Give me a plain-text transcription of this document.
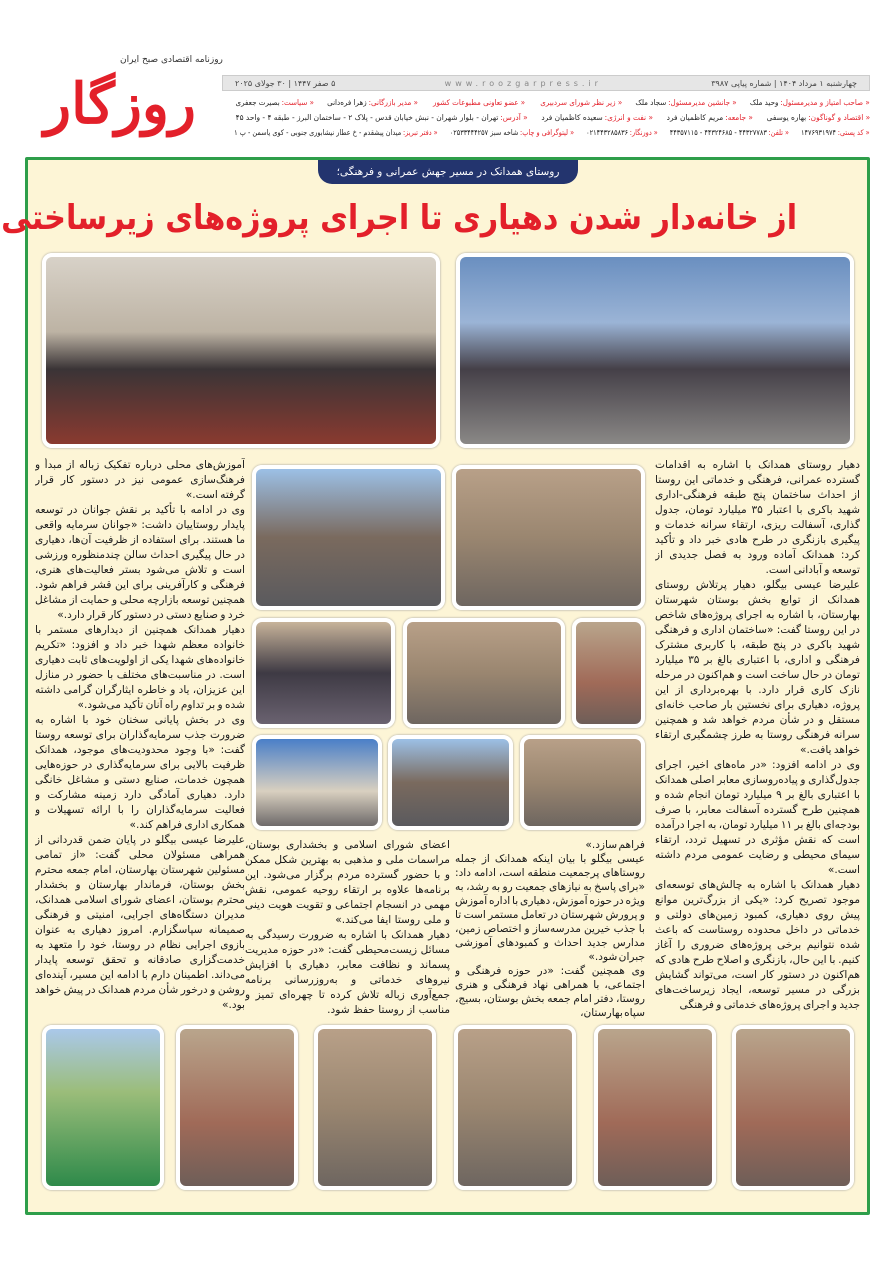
روزنامه اقتصادی صبح ایران
روزگار	چهارشنبه ۱ مرداد ۱۴۰۴ | شماره پیاپی ۳۹۸۷
www.roozgarpress.ir
۵ صفر ۱۴۴۷ | ۳۰ جولای ۲۰۲۵
« صاحب امتیاز و مدیرمسئول:وحید ملک« جانشین مدیرمسئول:سجاد ملک« زیر نظر شورای سردبیری« عضو تعاونی مطبوعات کشور« مدیر بازرگانی:زهرا فره‌دانی« سیاست:بصیرت جعفری
« اقتصاد و گوناگون:بهاره یوسفی« جامعه:مریم کاظمیان فرد« نفت و انرژی:سعیده کاظمیان فرد« آدرس:تهران - بلوار شهران - نبش خیابان قدس - پلاک ۲ - ساختمان البرز - طبقه ۴ - واحد ۴۵
« کد پستی:۱۴۷۶۹۳۱۹۷۴« تلفن:۴۴۳۲۷۷۸۳ - ۴۴۳۲۴۶۸۵ - ۴۴۳۵۷۱۱۵« دورنگار:۰۲۱۴۴۳۲۸۵۸۳۶« لیتوگرافی و چاپ:شاخه سبز ۰۲۵۳۳۴۴۴۲۵۷« دفتر تبریز:میدان پیشقدم - خ عطار نیشابوری جنوبی - کوی یاسمن - پ ۱

روستای همدانک در مسیر جهش عمرانی و فرهنگی؛
از خانه‌دار شدن دهیاری تا اجرای پروژه‌های زیرساختی

دهیار روستای همدانک با اشاره به اقدامات گسترده عمرانی، فرهنگی و خدماتی این روستا از احداث ساختمان پنج طبقه فرهنگی-اداری شهید باکری با اعتبار ۳۵ میلیارد تومان، جدول گذاری، آسفالت ریزی، ارتقاء سرانه خدمات و پیگیری بازنگری در طرح هادی خبر داد و تأکید کرد: همدانک آماده ورود به فصل جدیدی از توسعه و آبادانی است.

علیرضا عیسی بیگلو، دهیار پرتلاش روستای همدانک از توابع بخش بوستان شهرستان بهارستان، با اشاره به اجرای پروژه‌های شاخص در این روستا گفت: «ساختمان اداری و فرهنگی شهید باکری در پنج طبقه، با کاربری مشترک فرهنگی و اداری، با اعتباری بالغ بر ۳۵ میلیارد تومان در حال ساخت است و هم‌اکنون در مرحله نازک کاری قرار دارد. با بهره‌برداری از این پروژه، دهیاری برای نخستین بار صاحب خانه‌ای مستقل و در شأن مردم خواهد شد و همچنین سرانه فرهنگی روستا به طرز چشمگیری ارتقاء خواهد یافت.»

وی در ادامه افزود: «در ماه‌های اخیر، اجرای جدول‌گذاری و پیاده‌روسازی معابر اصلی همدانک با اعتباری بالغ بر ۹ میلیارد تومان انجام شده و همچنین طرح گسترده آسفالت معابر، با صرف بودجه‌ای بالغ بر ۱۱ میلیارد تومان، به اجرا درآمده است که نقش مؤثری در تسهیل تردد، ارتقاء سیمای محیطی و رضایت عمومی مردم داشته است.»

دهیار همدانک با اشاره به چالش‌های توسعه‌ای موجود تصریح کرد: «یکی از بزرگ‌ترین موانع پیش روی دهیاری، کمبود زمین‌های دولتی و خدماتی در داخل محدوده روستاست که باعث شده نتوانیم برخی پروژه‌های ضروری را آغاز کنیم. با این حال، بازنگری و اصلاح طرح هادی که هم‌اکنون در دستور کار است، می‌تواند گشایش بزرگی در مسیر توسعه، ایجاد زیرساخت‌های جدید و اجرای پروژه‌های خدماتی و فرهنگی

فراهم سازد.»

عیسی بیگلو با بیان اینکه همدانک از جمله روستاهای پرجمعیت منطقه است، ادامه داد: «برای پاسخ به نیازهای جمعیت رو به رشد، به ویژه در حوزه آموزش، دهیاری با اداره آموزش و پرورش شهرستان در تعامل مستمر است تا با جذب خیرین مدرسه‌ساز و اختصاص زمین، مدارس جدید احداث و کمبودهای آموزشی جبران شود.»

وی همچنین گفت: «در حوزه فرهنگی و اجتماعی، با همراهی نهاد فرهنگی و هنری روستا، دفتر امام جمعه بخش بوستان، بسیج، سپاه بهارستان،

اعضای شورای اسلامی و بخشداری بوستان، مراسمات ملی و مذهبی به بهترین شکل ممکن و با حضور گسترده مردم برگزار می‌شود. این برنامه‌ها علاوه بر ارتقاء روحیه عمومی، نقش مهمی در انسجام اجتماعی و تقویت هویت دینی و ملی روستا ایفا می‌کند.»

دهیار همدانک با اشاره به ضرورت رسیدگی به مسائل زیست‌محیطی گفت: «در حوزه مدیریت پسماند و نظافت معابر، دهیاری با افزایش نیروهای خدماتی و به‌روزرسانی برنامه جمع‌آوری زباله تلاش کرده تا چهره‌ای تمیز و مناسب از روستا حفظ شود.

آموزش‌های محلی درباره تفکیک زباله از مبدأ و فرهنگ‌سازی عمومی نیز در دستور کار قرار گرفته است.»

وی در ادامه با تأکید بر نقش جوانان در توسعه پایدار روستاییان داشت: «جوانان سرمایه واقعی ما هستند. برای استفاده از ظرفیت آن‌ها، دهیاری در حال پیگیری احداث سالن چندمنظوره ورزشی است و تلاش می‌شود بستر فعالیت‌های هنری، فرهنگی و کارآفرینی برای این قشر فراهم شود. همچنین توسعه بازارچه محلی و حمایت از مشاغل خرد و صنایع دستی در دستور کار قرار دارد.»

دهیار همدانک همچنین از دیدارهای مستمر با خانواده معظم شهدا خبر داد و افزود: «تکریم خانواده‌های شهدا یکی از اولویت‌های ثابت دهیاری است. در مناسبت‌های مختلف با حضور در منازل این عزیزان، یاد و خاطره ایثارگران گرامی داشته شده و بر تداوم راه آنان تأکید می‌شود.»

وی در بخش پایانی سخنان خود با اشاره به ضرورت جذب سرمایه‌گذاران برای توسعه روستا گفت: «با وجود محدودیت‌های موجود، همدانک ظرفیت بالایی برای سرمایه‌گذاری در حوزه‌هایی همچون خدمات، صنایع دستی و مشاغل خانگی دارد. دهیاری آمادگی دارد زمینه مشارکت و فعالیت سرمایه‌گذاران را با ارائه تسهیلات و همکاری اداری فراهم کند.»

علیرضا عیسی بیگلو در پایان ضمن قدردانی از همراهی مسئولان محلی گفت: «از تمامی مسئولین شهرستان بهارستان، امام جمعه محترم بخش بوستان، فرماندار بهارستان و بخشدار محترم بوستان، اعضای شورای اسلامی همدانک، مدیران دستگاه‌های اجرایی، امنیتی و فرهنگی صمیمانه سپاسگزارم. امروز دهیاری به عنوان بازوی اجرایی نظام در روستا، خود را متعهد به خدمت‌گزاری صادقانه و تحقق توسعه پایدار می‌داند. اطمینان دارم با ادامه این مسیر، آینده‌ای روشن و درخور شأن مردم همدانک در پیش خواهد بود.»
